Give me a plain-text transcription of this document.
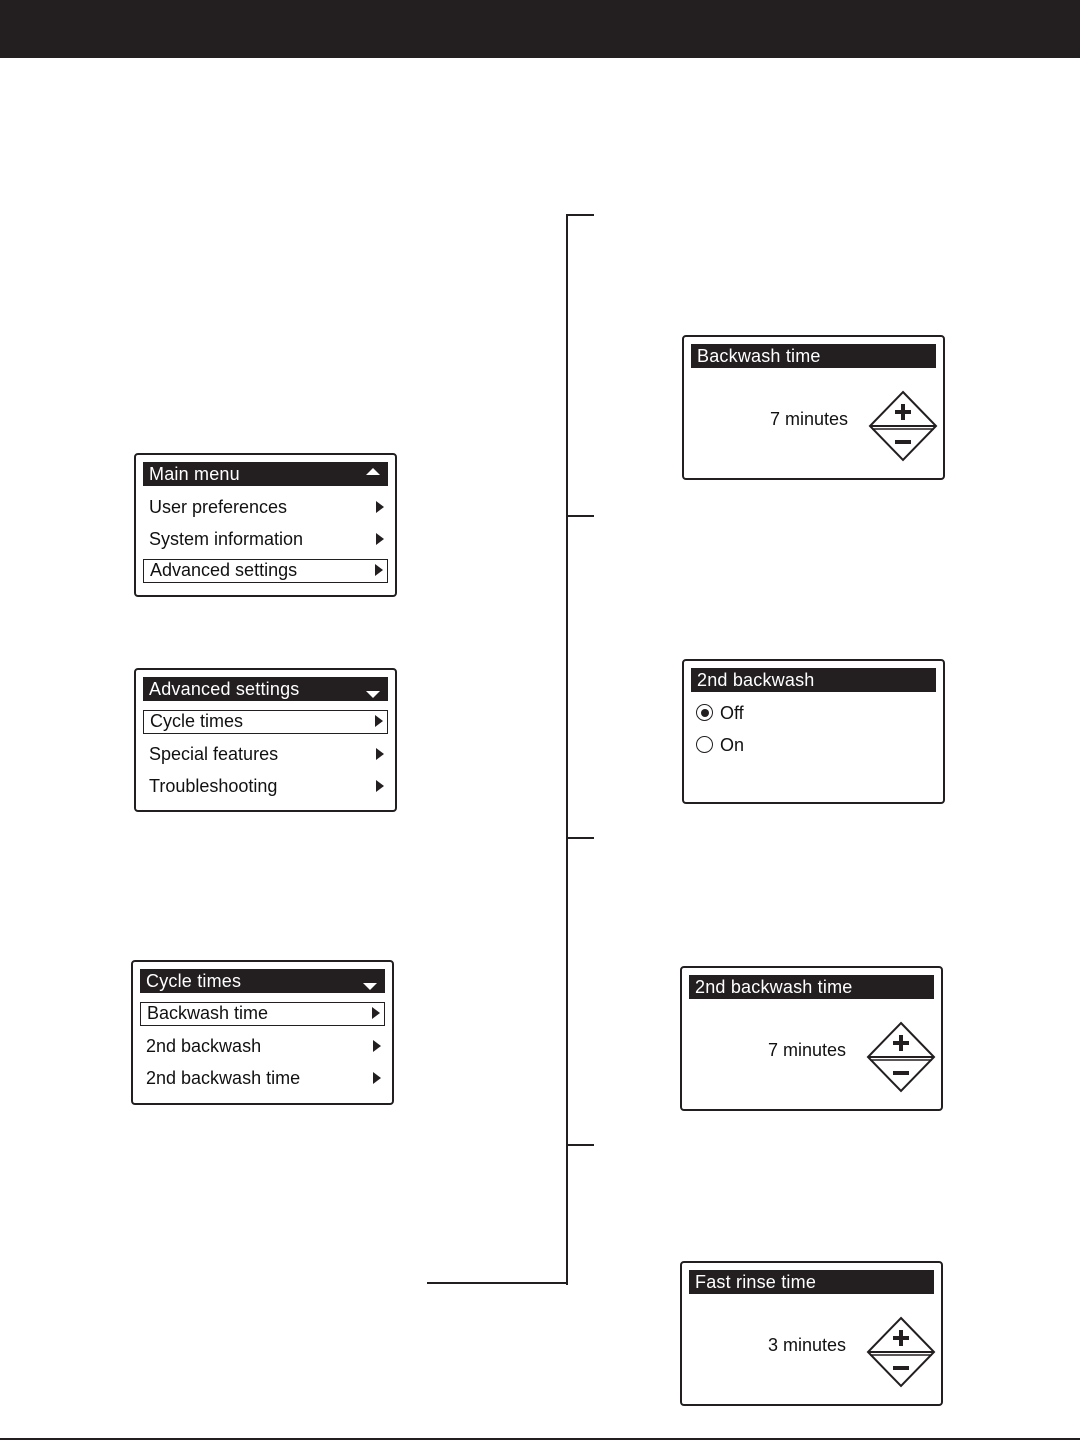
Main menu
User preferences
System information
Advanced settings
Advanced settings
Cycle times
Special features
Troubleshooting
Cycle times
Backwash time
2nd backwash
2nd backwash time
Backwash time
7 minutes
2nd backwash
Off
On
2nd backwash time
7 minutes
Fast rinse time
3 minutes
